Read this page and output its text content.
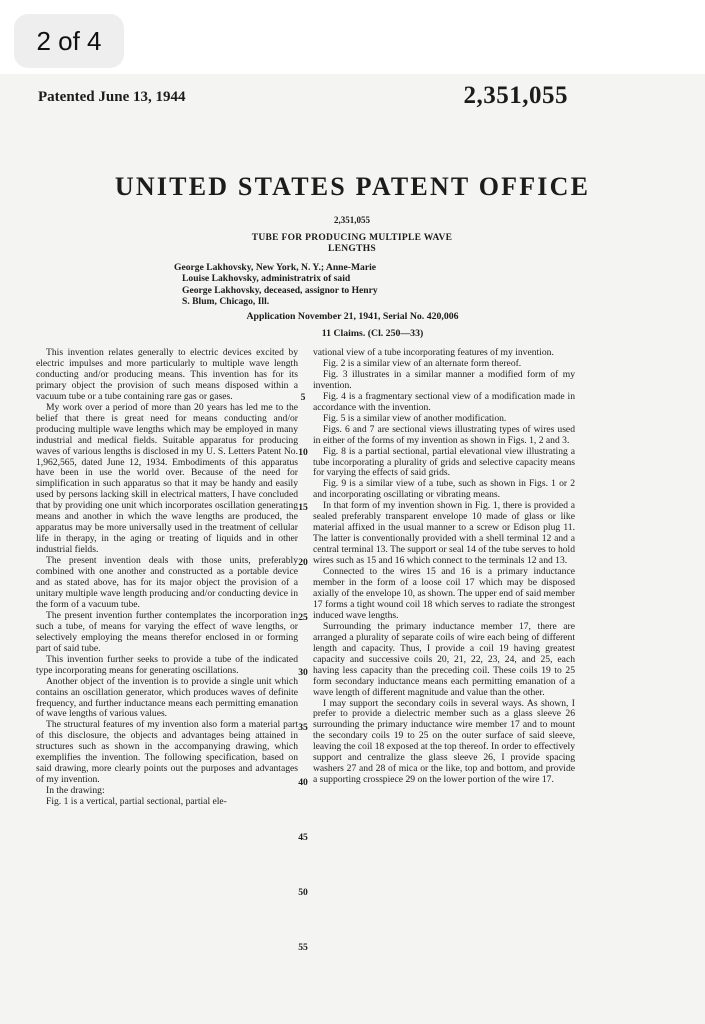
2 of 4
Patented June 13, 1944	2,351,055
UNITED STATES PATENT OFFICE
2,351,055
TUBE FOR PRODUCING MULTIPLE WAVE
LENGTHS
George Lakhovsky, New York, N. Y.; Anne-Marie
Louise Lakhovsky, administratrix of said
George Lakhovsky, deceased, assignor to Henry
S. Blum, Chicago, Ill.
Application November 21, 1941, Serial No. 420,006
11 Claims. (Cl. 250—33)

This invention relates generally to electric devices excited by electric impulses and more particularly to multiple wave length conducting and/or producing means. This invention has for its primary object the provision of such means disposed within a vacuum tube or a tube containing rare gas or gases.

My work over a period of more than 20 years has led me to the belief that there is great need for means conducting and/or producing multiple wave lengths which may be employed in many industrial and medical fields. Suitable apparatus for producing waves of various lengths is disclosed in my U. S. Letters Patent No. 1,962,565, dated June 12, 1934. Embodiments of this apparatus have been in use the world over. Because of the need for simplification in such apparatus so that it may be handy and easily used by persons lacking skill in electrical matters, I have concluded that by providing one unit which incorporates oscillation generating means and another in which the wave lengths are produced, the apparatus may be more universally used in the treatment of cellular life in therapy, in the aging or treating of liquids and in other industrial fields.

The present invention deals with those units, preferably combined with one another and constructed as a portable device and as stated above, has for its major object the provision of a unitary multiple wave length producing and/or conducting device in the form of a vacuum tube.

The present invention further contemplates the incorporation in such a tube, of means for varying the effect of wave lengths, or selectively employing the means therefor enclosed in or forming part of said tube.

This invention further seeks to provide a tube of the indicated type incorporating means for generating oscillations.

Another object of the invention is to provide a single unit which contains an oscillation generator, which produces waves of definite frequency, and further inductance means each permitting emanation of wave lengths of various values.

The structural features of my invention also form a material part of this disclosure, the objects and advantages being attained in structures such as shown in the accompanying drawing, which exemplifies the invention. The following specification, based on said drawing, more clearly points out the purposes and advantages of my invention.

In the drawing:

Fig. 1 is a vertical, partial sectional, partial ele-

5
10
15
20
25
30
35
40
45
50
55

vational view of a tube incorporating features of my invention.

Fig. 2 is a similar view of an alternate form thereof.

Fig. 3 illustrates in a similar manner a modified form of my invention.

Fig. 4 is a fragmentary sectional view of a modification made in accordance with the invention.

Fig. 5 is a similar view of another modification.

Figs. 6 and 7 are sectional views illustrating types of wires used in either of the forms of my invention as shown in Figs. 1, 2 and 3.

Fig. 8 is a partial sectional, partial elevational view illustrating a tube incorporating a plurality of grids and selective capacity means for varying the effects of said grids.

Fig. 9 is a similar view of a tube, such as shown in Figs. 1 or 2 and incorporating oscillating or vibrating means.

In that form of my invention shown in Fig. 1, there is provided a sealed preferably transparent envelope 10 made of glass or like material affixed in the usual manner to a screw or Edison plug 11. The latter is conventionally provided with a shell terminal 12 and a central terminal 13. The support or seal 14 of the tube serves to hold wires such as 15 and 16 which connect to the terminals 12 and 13.

Connected to the wires 15 and 16 is a primary inductance member in the form of a loose coil 17 which may be disposed axially of the envelope 10, as shown. The upper end of said member 17 forms a tight wound coil 18 which serves to radiate the strongest induced wave lengths.

Surrounding the primary inductance member 17, there are arranged a plurality of separate coils of wire each being of different length and capacity. Thus, I provide a coil 19 having greatest capacity and successive coils 20, 21, 22, 23, 24, and 25, each having less capacity than the preceding coil. These coils 19 to 25 form secondary inductance means each permitting emanation of a wave length of different magnitude and value than the other.

I may support the secondary coils in several ways. As shown, I prefer to provide a dielectric member such as a glass sleeve 26 surrounding the primary inductance wire member 17 and to mount the secondary coils 19 to 25 on the outer surface of said sleeve, leaving the coil 18 exposed at the top thereof. In order to effectively support and centralize the glass sleeve 26, I provide spacing washers 27 and 28 of mica or the like, top and bottom, and provide a supporting crosspiece 29 on the lower portion of the wire 17.
